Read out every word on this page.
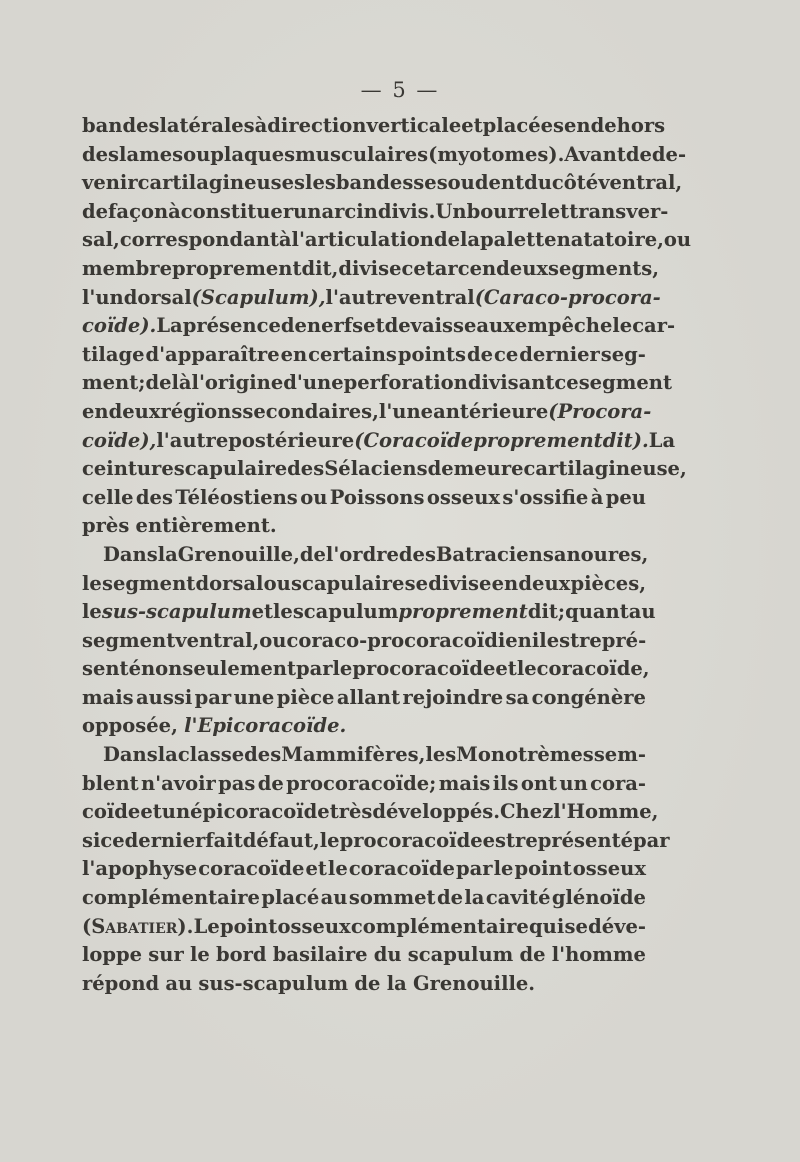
— 5 —
bandes latérales à direction verticale et placées en dehors
des lames ou plaques musculaires (myotomes). Avant de de-
venir cartilagineuses les bandes se soudent du côté ventral,
de façon à constituer un arc indivis. Un bourrelet transver-
sal, correspondant à l'articulation de la palette natatoire, ou
membre proprement dit, divise cet arc en deux segments,
l'un dorsal (Scapulum), l'autre ventral (Caraco-procora-
coïde). La présence de nerfs et de vaisseaux empêche le car-
tilage d'apparaître en certains points de ce dernier seg-
ment; de là l'origine d'une perforation divisant ce segment
en deux régïons secondaires, l'une antérieure (Procora-
coïde), l'autre postérieure (Coracoïde proprement dit). La
ceinture scapulaire des Sélaciens demeure cartilagineuse,
celle des Téléostiens ou Poissons osseux s'ossifie à peu
près entièrement.
Dans la Grenouille, de l'ordre des Batraciens anoures,
le segment dorsal ou scapulaire se divise en deux pièces,
le sus-scapulum et le scapulum proprement dit; quant au
segment ventral, ou coraco-procoracoïdien il est repré-
senté non seulement par le procoracoïde et le coracoïde,
mais aussi par une pièce allant rejoindre sa congénère
opposée, l'Epicoracoïde.
Dans la classe des Mammifères, les Monotrèmes sem-
blent n'avoir pas de procoracoïde; mais ils ont un cora-
coïde et un épicoracoïde très développés. Chez l'Homme,
si ce dernier fait défaut, le procoracoïde est représenté par
l'apophyse coracoïde et le coracoïde par le point osseux
complémentaire placé au sommet de la cavité glénoïde
(Sabatier). Le point osseux complémentaire qui se déve-
loppe sur le bord basilaire du scapulum de l'homme
répond au sus-scapulum de la Grenouille.
